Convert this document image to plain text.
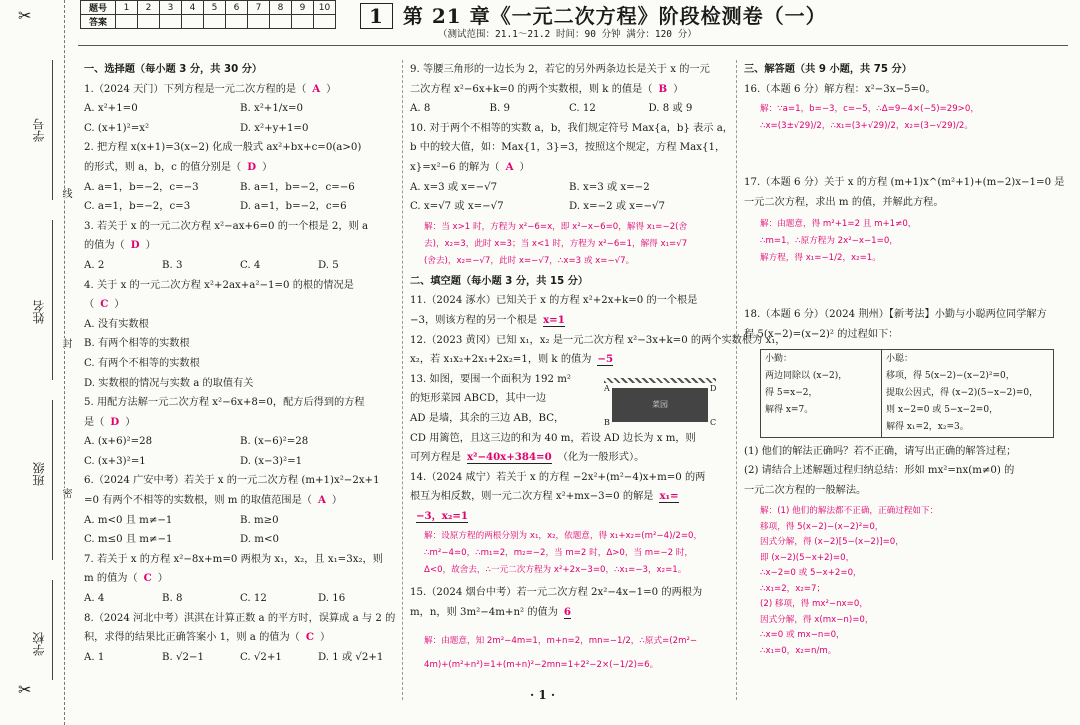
学号
姓名
班级
学校
线
封
密
✂
✂
题号	1	2	3	4	5	6	7	8	9	10
答案											1 第 21 章《一元二次方程》阶段检测卷（一）
（测试范围：21.1～21.2 时间：90 分钟 满分：120 分）

一、选择题（每小题 3 分，共 30 分）

1.（2024 天门）下列方程是一元二次方程的是（ A ）

A. x²+1=0	B. x²+1/x=0
C. (x+1)²=x²	D. x²+y+1=0

2. 把方程 x(x+1)=3(x−2) 化成一般式 ax²+bx+c=0(a>0)

的形式，则 a，b，c 的值分别是（ D ）

A. a=1，b=−2，c=−3	B. a=1，b=−2，c=−6
C. a=1，b=−2，c=3	D. a=1，b=−2，c=6

3. 若关于 x 的一元二次方程 x²−ax+6=0 的一个根是 2，则 a

的值为（ D ）

A. 2	B. 3	C. 4	D. 5

4. 关于 x 的一元二次方程 x²+2ax+a²−1=0 的根的情况是

（ C ）

A. 没有实数根

B. 有两个相等的实数根

C. 有两个不相等的实数根

D. 实数根的情况与实数 a 的取值有关

5. 用配方法解一元二次方程 x²−6x+8=0，配方后得到的方程

是（ D ）

A. (x+6)²=28	B. (x−6)²=28
C. (x+3)²=1	D. (x−3)²=1

6.（2024 广安中考）若关于 x 的一元二次方程 (m+1)x²−2x+1

=0 有两个不相等的实数根，则 m 的取值范围是（ A ）

A. m<0 且 m≠−1	B. m≥0
C. m≤0 且 m≠−1	D. m<0

7. 若关于 x 的方程 x²−8x+m=0 两根为 x₁，x₂，且 x₁=3x₂，则

m 的值为（ C ）

A. 4	B. 8	C. 12	D. 16

8.（2024 河北中考）淇淇在计算正数 a 的平方时，误算成 a 与 2 的

积，求得的结果比正确答案小 1，则 a 的值为（ C ）

A. 1	B. √2−1	C. √2+1	D. 1 或 √2+1

9. 等腰三角形的一边长为 2，若它的另外两条边长是关于 x 的一元

二次方程 x²−6x+k=0 的两个实数根，则 k 的值是（ B ）

A. 8	B. 9	C. 12	D. 8 或 9

10. 对于两个不相等的实数 a，b，我们规定符号 Max{a，b} 表示 a，

b 中的较大值，如：Max{1，3}=3，按照这个规定，方程 Max{1，

x}=x²−6 的解为（ A ）

A. x=3 或 x=−√7	B. x=3 或 x=−2
C. x=√7 或 x=−√7	D. x=−2 或 x=−√7

解：当 x>1 时，方程为 x²−6=x，即 x²−x−6=0，解得 x₁=−2(舍

去)，x₂=3，此时 x=3；当 x<1 时，方程为 x²−6=1，解得 x₁=√7

(舍去)，x₂=−√7，此时 x=−√7，∴x=3 或 x=−√7。

二、填空题（每小题 3 分，共 15 分）

11.（2024 涿水）已知关于 x 的方程 x²+2x+k=0 的一个根是

−3，则该方程的另一个根是 x=1

12.（2023 黄冈）已知 x₁，x₂ 是一元二次方程 x²−3x+k=0 的两个实数根为 x₁，

x₂，若 x₁x₂+2x₁+2x₂=1，则 k 的值为 −5

13. 如图，要围一个面积为 192 m²

的矩形菜园 ABCD，其中一边

AD 是墙，其余的三边 AB，BC，

CD 用篱笆，且这三边的和为 40 m，若设 AD 边长为 x m，则

可列方程是 x²−40x+384=0 （化为一般形式）。

14.（2024 咸宁）若关于 x 的方程 −2x²+(m²−4)x+m=0 的两

根互为相反数，则一元二次方程 x²+mx−3=0 的解是 x₁=

−3，x₂=1

解：设原方程的两根分别为 x₁，x₂，依题意，得 x₁+x₂=(m²−4)/2=0，

∴m²−4=0，∴m₁=2，m₂=−2，当 m=2 时，Δ>0，当 m=−2 时，

Δ<0，故舍去，∴一元二次方程为 x²+2x−3=0，∴x₁=−3，x₂=1。

15.（2024 烟台中考）若一元二次方程 2x²−4x−1=0 的两根为

m，n，则 3m²−4m+n² 的值为 6

解：由题意，知 2m²−4m=1，m+n=2，mn=−1/2，∴原式=(2m²−

4m)+(m²+n²)=1+(m+n)²−2mn=1+2²−2×(−1/2)=6。

菜园
A	D
B	C

三、解答题（共 9 小题，共 75 分）

16.（本题 6 分）解方程：x²−3x−5=0。

解：∵a=1，b=−3，c=−5，∴Δ=9−4×(−5)=29>0，

∴x=(3±√29)/2，∴x₁=(3+√29)/2，x₂=(3−√29)/2。

17.（本题 6 分）关于 x 的方程 (m+1)x^(m²+1)+(m−2)x−1=0 是

一元二次方程，求出 m 的值，并解此方程。

解：由题意，得 m²+1=2 且 m+1≠0，

∴m=1，∴原方程为 2x²−x−1=0，

解方程，得 x₁=−1/2，x₂=1。

18.（本题 6 分）（2024 荆州）【新考法】小勤与小聪两位同学解方

程 5(x−2)=(x−2)² 的过程如下：

小勤：

两边同除以 (x−2)，

得 5=x−2，

解得 x=7。

小聪：

移项，得 5(x−2)−(x−2)²=0，

提取公因式，得 (x−2)(5−x−2)=0，

则 x−2=0 或 5−x−2=0，

解得 x₁=2，x₂=3。

(1) 他们的解法正确吗？若不正确，请写出正确的解答过程；

(2) 请结合上述解题过程归纳总结：形如 mx²=nx(m≠0) 的

一元二次方程的一般解法。

解：(1) 他们的解法都不正确，正确过程如下：

移项，得 5(x−2)−(x−2)²=0，

因式分解，得 (x−2)[5−(x−2)]=0，

即 (x−2)(5−x+2)=0，

∴x−2=0 或 5−x+2=0，

∴x₁=2，x₂=7；

(2) 移项，得 mx²−nx=0，

因式分解，得 x(mx−n)=0，

∴x=0 或 mx−n=0，

∴x₁=0，x₂=n/m。

· 1 ·
